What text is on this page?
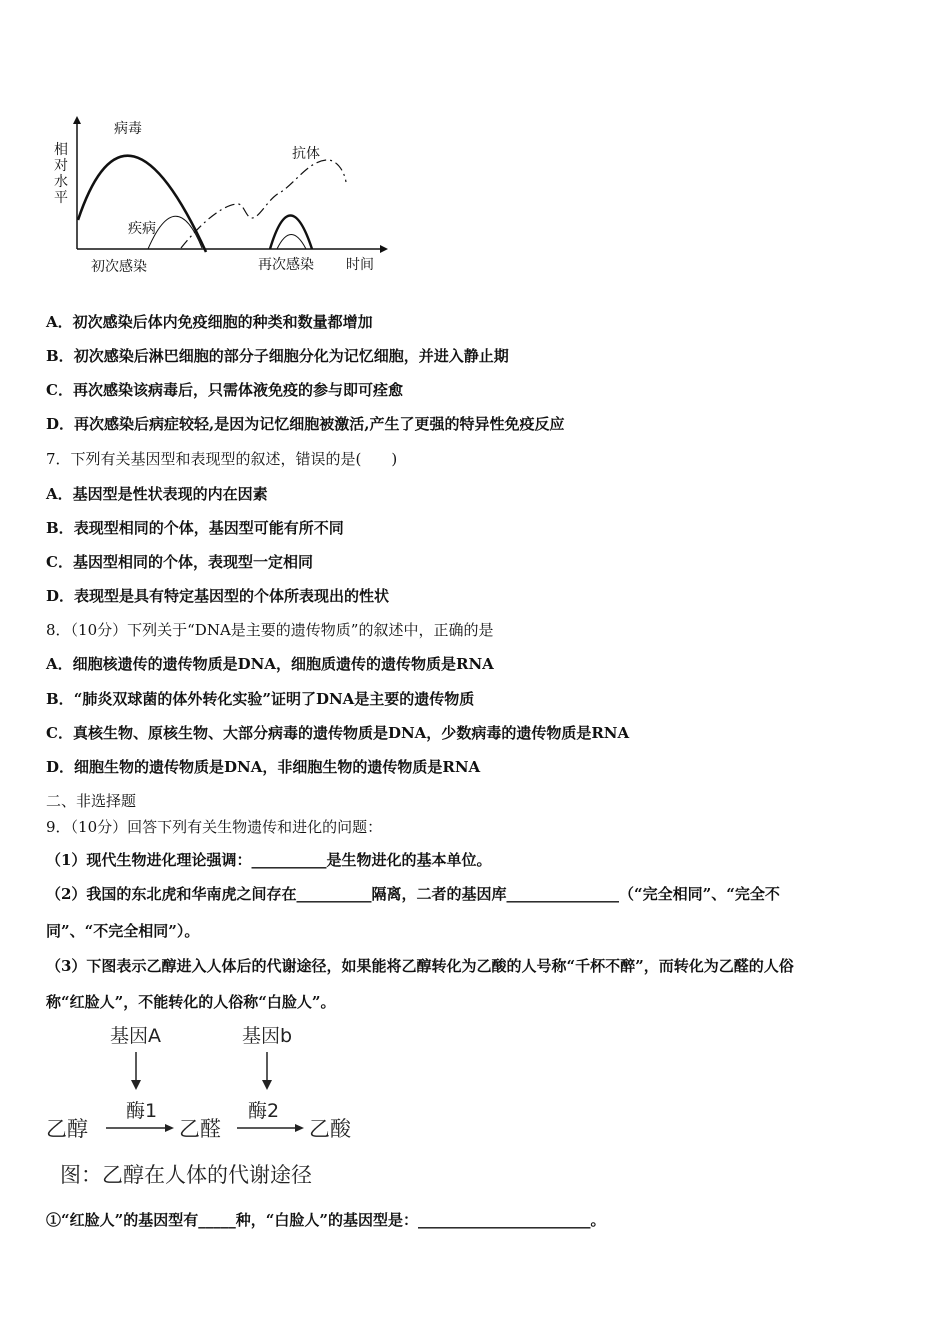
相
对
水
平
病毒
抗体
疾病
初次感染	再次感染 时间
A．初次感染后体内免疫细胞的种类和数量都增加
B．初次感染后淋巴细胞的部分子细胞分化为记忆细胞，并进入静止期
C．再次感染该病毒后，只需体液免疫的参与即可痊愈
D．再次感染后病症较轻,是因为记忆细胞被激活,产生了更强的特异性免疫反应
7．下列有关基因型和表现型的叙述，错误的是(　　)
A．基因型是性状表现的内在因素
B．表现型相同的个体，基因型可能有所不同
C．基因型相同的个体，表现型一定相同
D．表现型是具有特定基因型的个体所表现出的性状
8．（10分）下列关于“DNA是主要的遗传物质”的叙述中，正确的是
A．细胞核遗传的遗传物质是DNA，细胞质遗传的遗传物质是RNA
B．“肺炎双球菌的体外转化实验”证明了DNA是主要的遗传物质
C．真核生物、原核生物、大部分病毒的遗传物质是DNA，少数病毒的遗传物质是RNA
D．细胞生物的遗传物质是DNA，非细胞生物的遗传物质是RNA
二、非选择题
9．（10分）回答下列有关生物遗传和进化的问题：
（1）现代生物进化理论强调：__________是生物进化的基本单位。
（2）我国的东北虎和华南虎之间存在__________隔离，二者的基因库_______________（“完全相同”、“完全不
同”、“不完全相同”）。
（3）下图表示乙醇进入人体后的代谢途径，如果能将乙醇转化为乙酸的人号称“千杯不醉”，而转化为乙醛的人俗
称“红脸人”，不能转化的人俗称“白脸人”。
基因A	基因b
酶1	酶2
乙醇	乙醛	乙酸
图：乙醇在人体的代谢途径
①“红脸人”的基因型有_____种，“白脸人”的基因型是：_______________________。
